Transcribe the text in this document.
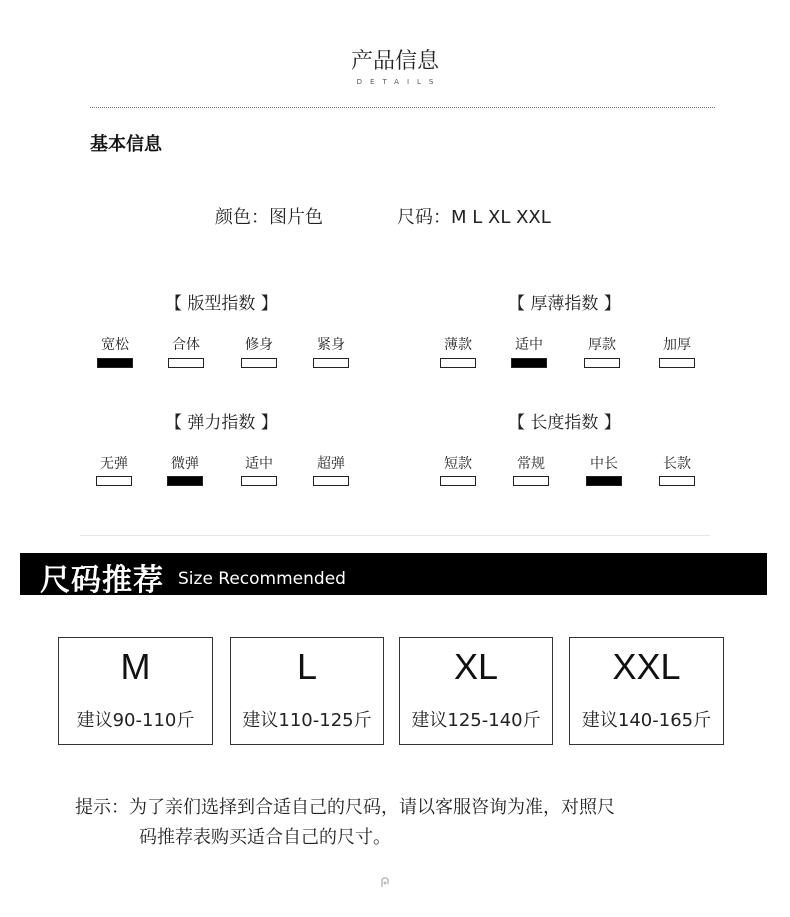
产品信息
DETAILS
基本信息
颜色：图片色	尺码：M L XL XXL
【 版型指数 】
宽松	合体	修身	紧身
【 厚薄指数 】
薄款	适中	厚款	加厚
【 弹力指数 】
无弹	微弹	适中	超弹
【 长度指数 】
短款	常规	中长	长款
尺码推荐 Size Recommended
M
建议90-110斤
L
建议110-125斤
XL
建议125-140斤
XXL
建议140-165斤
提示：为了亲们选择到合适自己的尺码，请以客服咨询为准，对照尺
码推荐表购买适合自己的尺寸。
